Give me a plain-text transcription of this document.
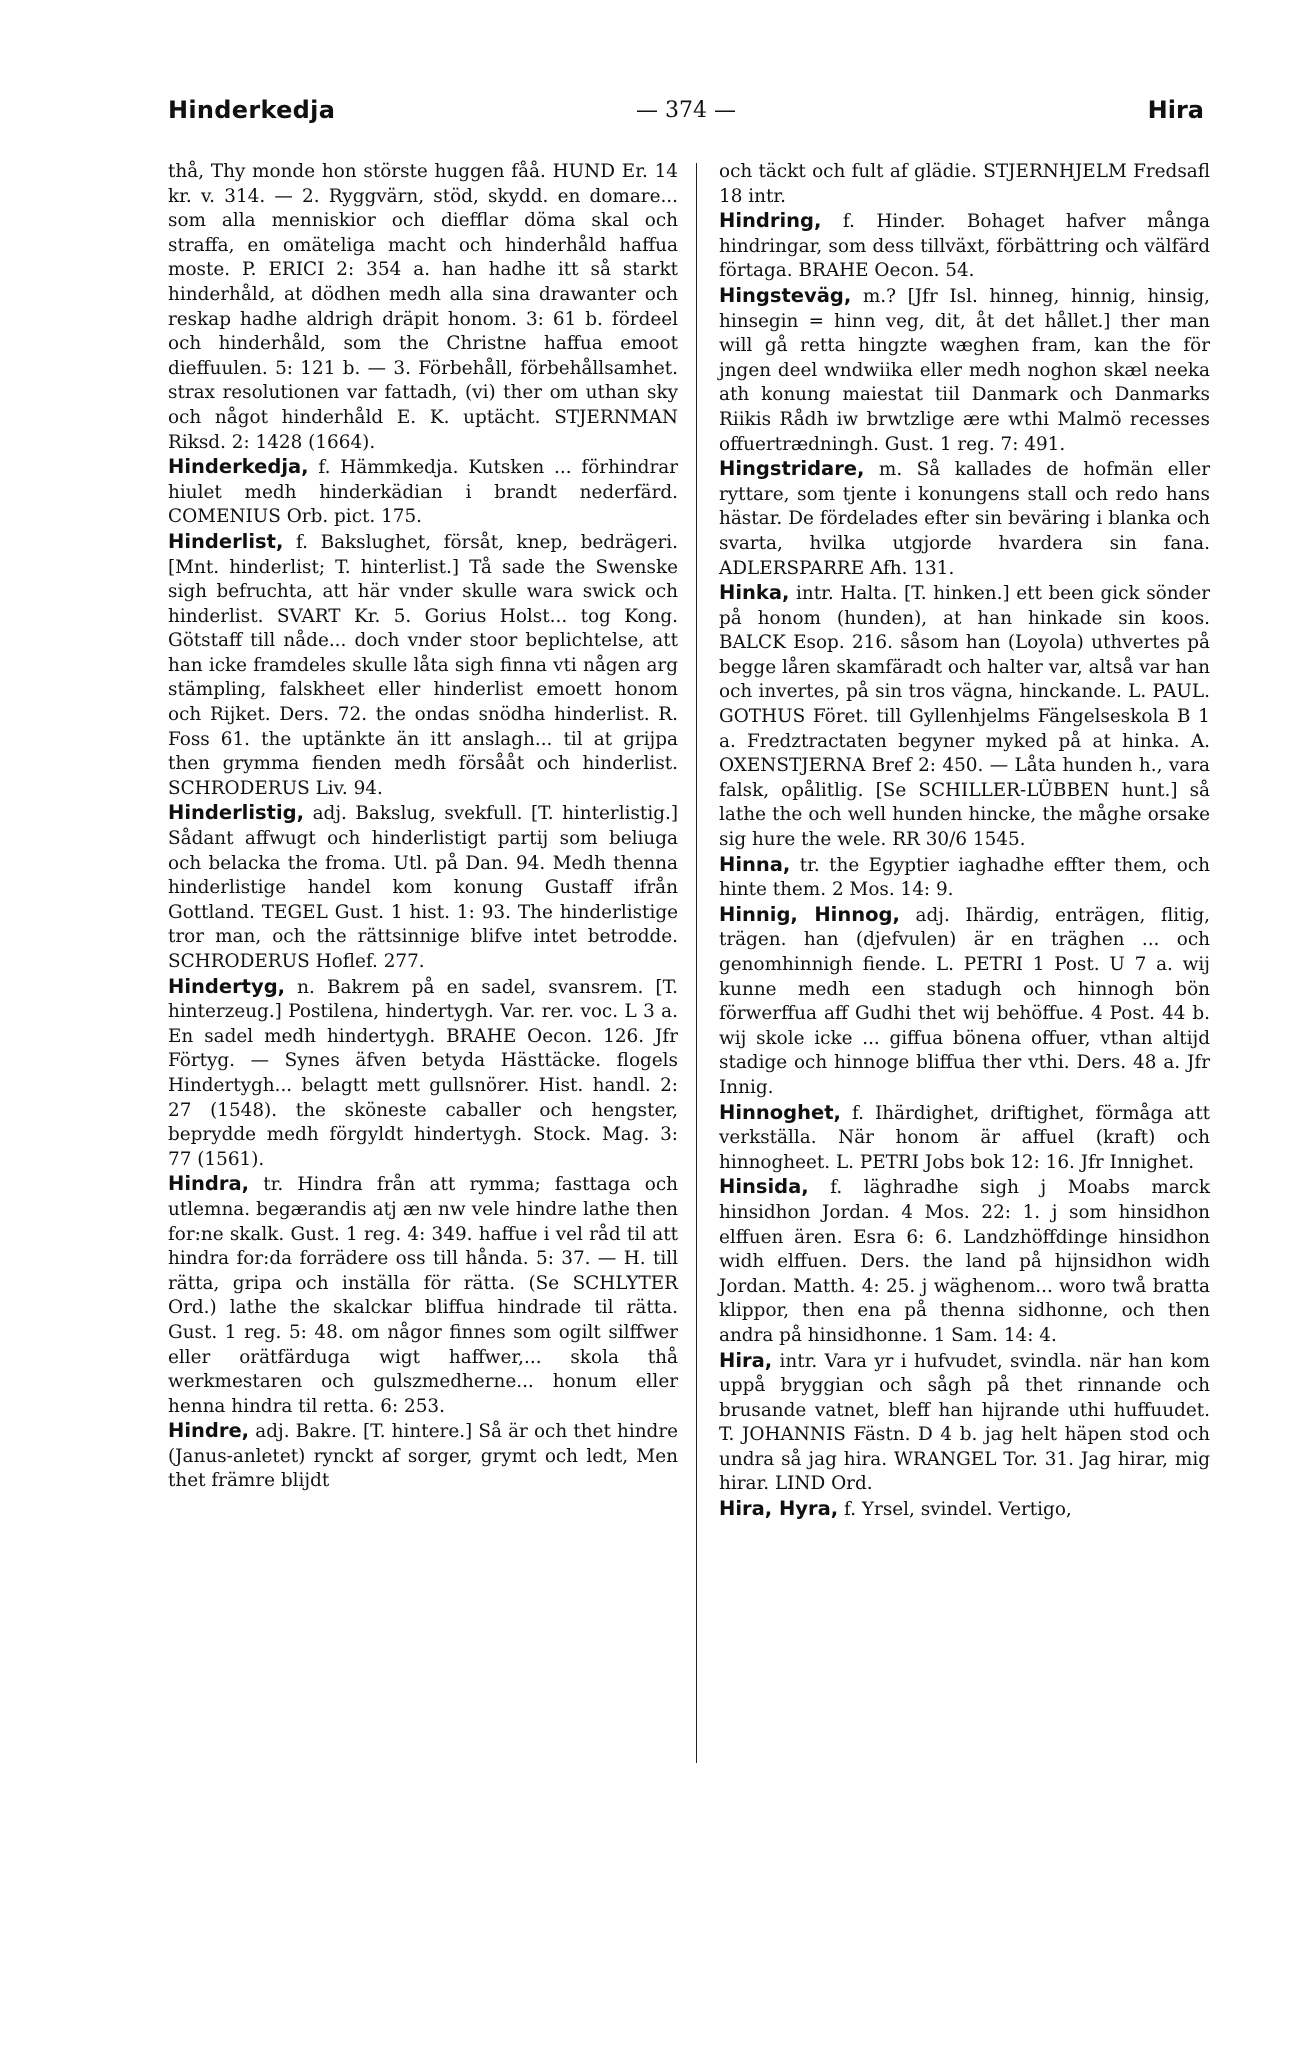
Hinderkedja	— 374 —	Hira

thå, Thy monde hon störste huggen fåå. HUND Er. 14 kr. v. 314. — 2. Ryggvärn, stöd, skydd. en domare... som alla menniskior och diefflar döma skal och straffa, en omäteliga macht och hinderhåld haffua moste. P. ERICI 2: 354 a. han hadhe itt så starkt hinderhåld, at dödhen medh alla sina drawanter och reskap hadhe aldrigh dräpit honom. 3: 61 b. fördeel och hinderhåld, som the Christne haffua emoot dieffuulen. 5: 121 b. — 3. Förbehåll, förbehållsamhet. strax resolutionen var fattadh, (vi) ther om uthan sky och något hinderhåld E. K. uptächt. STJERNMAN Riksd. 2: 1428 (1664).

Hinderkedja, f. Hämmkedja. Kutsken ... förhindrar hiulet medh hinderkädian i brandt nederfärd. COMENIUS Orb. pict. 175.

Hinderlist, f. Bakslughet, försåt, knep, bedrägeri. [Mnt. hinderlist; T. hinterlist.] Tå sade the Swenske sigh befruchta, att här vnder skulle wara swick och hinderlist. SVART Kr. 5. Gorius Holst... tog Kong. Götstaff till nåde... doch vnder stoor beplichtelse, att han icke framdeles skulle låta sigh finna vti någen arg stämpling, falskheet eller hinderlist emoett honom och Rijket. Ders. 72. the ondas snödha hinderlist. R. Foss 61. the uptänkte än itt anslagh... til at grijpa then grymma fienden medh försååt och hinderlist. SCHRODERUS Liv. 94.

Hinderlistig, adj. Bakslug, svekfull. [T. hinterlistig.] Sådant affwugt och hinderlistigt partij som beliuga och belacka the froma. Utl. på Dan. 94. Medh thenna hinderlistige handel kom konung Gustaff ifrån Gottland. TEGEL Gust. 1 hist. 1: 93. The hinderlistige tror man, och the rättsinnige blifve intet betrodde. SCHRODERUS Hoflef. 277.

Hindertyg, n. Bakrem på en sadel, svansrem. [T. hinterzeug.] Postilena, hindertygh. Var. rer. voc. L 3 a. En sadel medh hindertygh. BRAHE Oecon. 126. Jfr Förtyg. — Synes äfven betyda Hästtäcke. flogels Hindertygh... belagtt mett gullsnörer. Hist. handl. 2: 27 (1548). the sköneste caballer och hengster, beprydde medh förgyldt hindertygh. Stock. Mag. 3: 77 (1561).

Hindra, tr. Hindra från att rymma; fasttaga och utlemna. begærandis atj æn nw vele hindre lathe then for:ne skalk. Gust. 1 reg. 4: 349. haffue i vel råd til att hindra for:da forrädere oss till hånda. 5: 37. — H. till rätta, gripa och inställa för rätta. (Se SCHLYTER Ord.) lathe the skalckar bliffua hindrade til rätta. Gust. 1 reg. 5: 48. om någor finnes som ogilt silffwer eller orätfärduga wigt haffwer,... skola thå werkmestaren och gulszmedherne... honum eller henna hindra til retta. 6: 253.

Hindre, adj. Bakre. [T. hintere.] Så är och thet hindre (Janus-anletet) rynckt af sorger, grymt och ledt, Men thet främre blijdt

och täckt och fult af glädie. STJERNHJELM Fredsafl 18 intr.

Hindring, f. Hinder. Bohaget hafver många hindringar, som dess tillväxt, förbättring och välfärd förtaga. BRAHE Oecon. 54.

Hingsteväg, m.? [Jfr Isl. hinneg, hinnig, hinsig, hinsegin = hinn veg, dit, åt det hållet.] ther man will gå retta hingzte wæghen fram, kan the för jngen deel wndwiika eller medh noghon skæl neeka ath konung maiestat tiil Danmark och Danmarks Riikis Rådh iw brwtzlige ære wthi Malmö recesses offuertrædningh. Gust. 1 reg. 7: 491.

Hingstridare, m. Så kallades de hofmän eller ryttare, som tjente i konungens stall och redo hans hästar. De fördelades efter sin beväring i blanka och svarta, hvilka utgjorde hvardera sin fana. ADLERSPARRE Afh. 131.

Hinka, intr. Halta. [T. hinken.] ett been gick sönder på honom (hunden), at han hinkade sin koos. BALCK Esop. 216. såsom han (Loyola) uthvertes på begge låren skamfäradt och halter var, altså var han och invertes, på sin tros vägna, hinckande. L. PAUL. GOTHUS Föret. till Gyllenhjelms Fängelseskola B 1 a. Fredztractaten begyner myked på at hinka. A. OXENSTJERNA Bref 2: 450. — Låta hunden h., vara falsk, opålitlig. [Se SCHILLER-LÜBBEN hunt.] så lathe the och well hunden hincke, the måghe orsake sig hure the wele. RR 30/6 1545.

Hinna, tr. the Egyptier iaghadhe effter them, och hinte them. 2 Mos. 14: 9.

Hinnig, Hinnog, adj. Ihärdig, enträgen, flitig, trägen. han (djefvulen) är en träghen ... och genomhinnigh fiende. L. PETRI 1 Post. U 7 a. wij kunne medh een stadugh och hinnogh bön förwerffua aff Gudhi thet wij behöffue. 4 Post. 44 b. wij skole icke ... giffua bönena offuer, vthan altijd stadige och hinnoge bliffua ther vthi. Ders. 48 a. Jfr Innig.

Hinnoghet, f. Ihärdighet, driftighet, förmåga att verkställa. När honom är affuel (kraft) och hinnogheet. L. PETRI Jobs bok 12: 16. Jfr Innighet.

Hinsida, f. läghradhe sigh j Moabs marck hinsidhon Jordan. 4 Mos. 22: 1. j som hinsidhon elffuen ären. Esra 6: 6. Landzhöffdinge hinsidhon widh elffuen. Ders. the land på hijnsidhon widh Jordan. Matth. 4: 25. j wäghenom... woro twå bratta klippor, then ena på thenna sidhonne, och then andra på hinsidhonne. 1 Sam. 14: 4.

Hira, intr. Vara yr i hufvudet, svindla. när han kom uppå bryggian och sågh på thet rinnande och brusande vatnet, bleff han hijrande uthi huffuudet. T. JOHANNIS Fästn. D 4 b. jag helt häpen stod och undra så jag hira. WRANGEL Tor. 31. Jag hirar, mig hirar. LIND Ord.

Hira, Hyra, f. Yrsel, svindel. Vertigo,
